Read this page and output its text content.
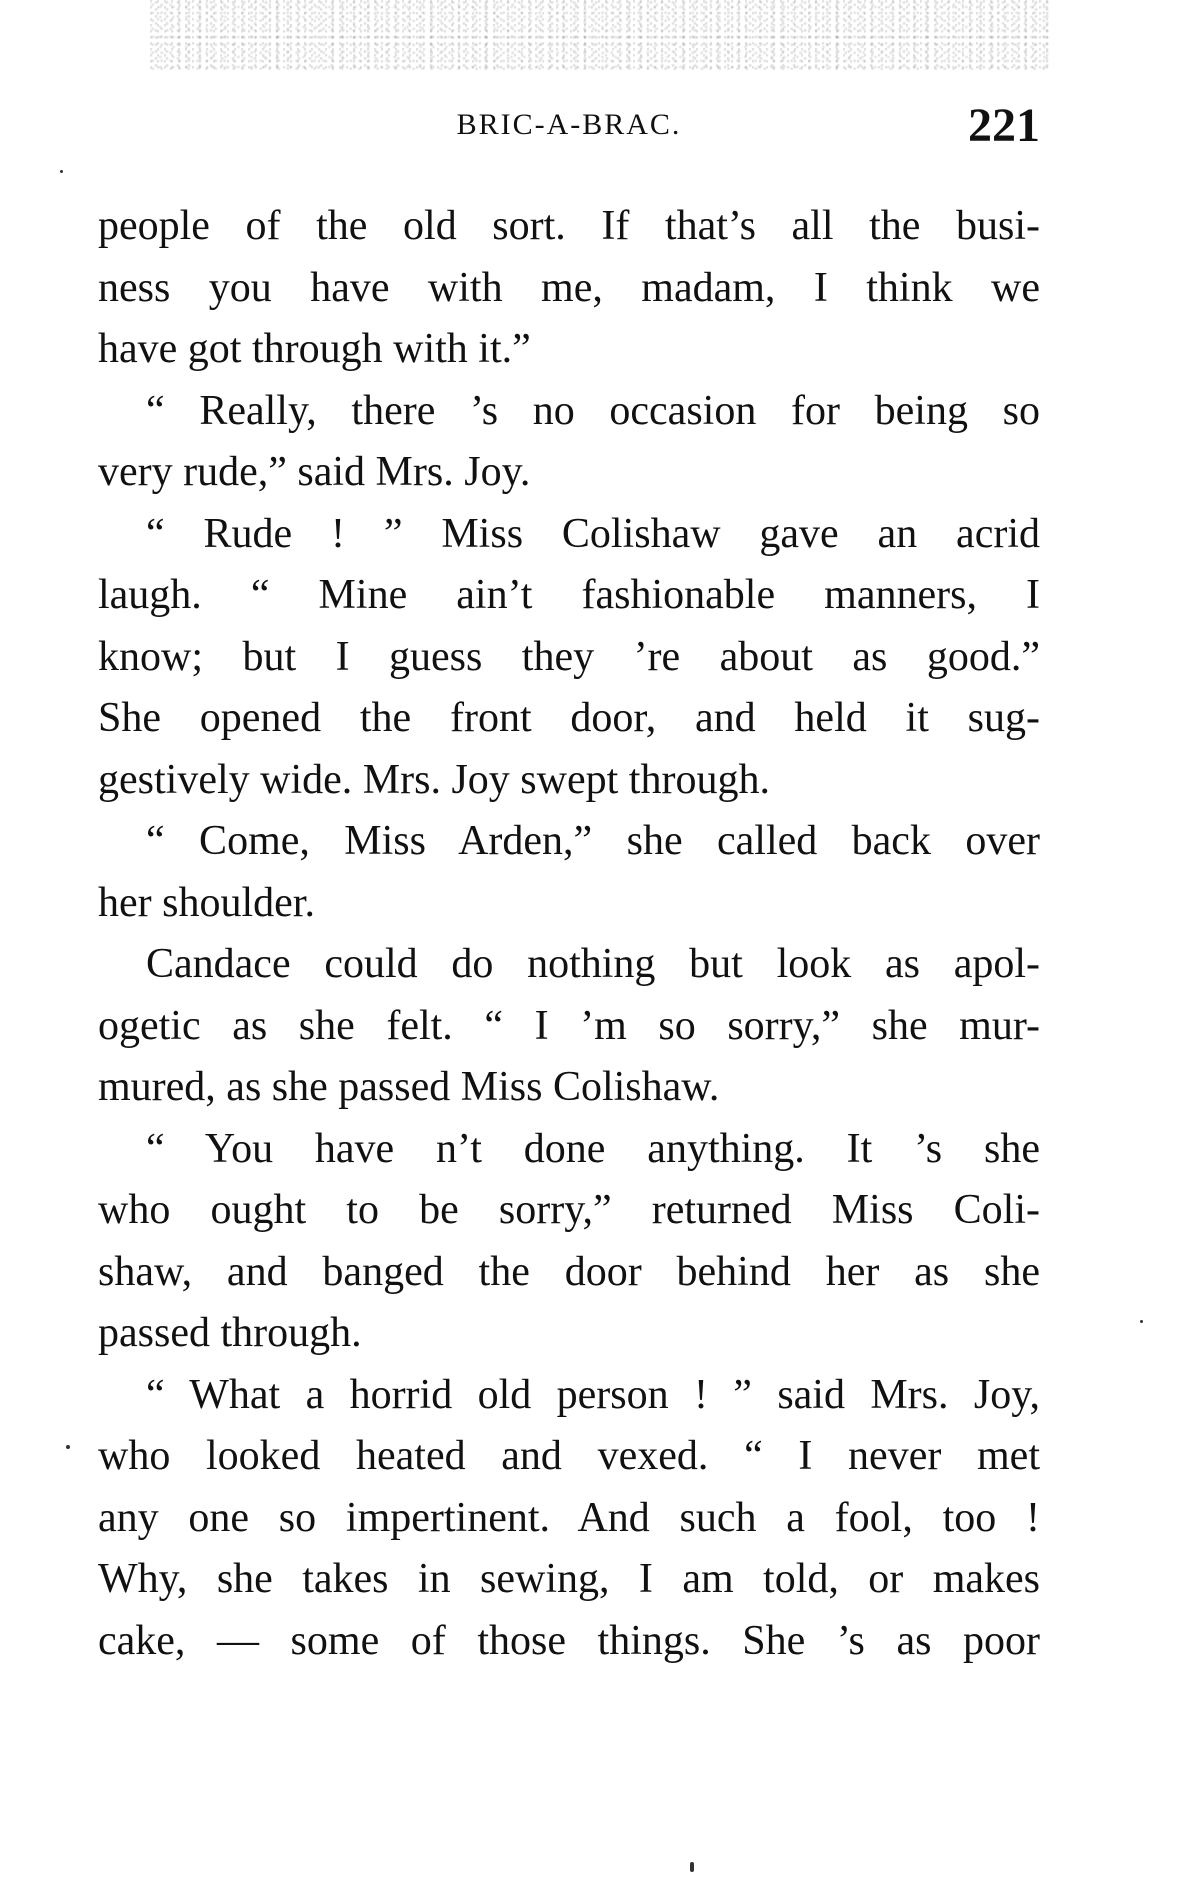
BRIC-A-BRAC.	221
people of the old sort. If that’s all the busi-
ness you have with me, madam, I think we
have got through with it.”
“ Really, there ’s no occasion for being so
very rude,” said Mrs. Joy.
“ Rude ! ” Miss Colishaw gave an acrid
laugh. “ Mine ain’t fashionable manners, I
know; but I guess they ’re about as good.”
She opened the front door, and held it sug-
gestively wide. Mrs. Joy swept through.
“ Come, Miss Arden,” she called back over
her shoulder.
Candace could do nothing but look as apol-
ogetic as she felt. “ I ’m so sorry,” she mur-
mured, as she passed Miss Colishaw.
“ You have n’t done anything. It ’s she
who ought to be sorry,” returned Miss Coli-
shaw, and banged the door behind her as she
passed through.
“ What a horrid old person ! ” said Mrs. Joy,
who looked heated and vexed. “ I never met
any one so impertinent. And such a fool, too !
Why, she takes in sewing, I am told, or makes
cake, — some of those things. She ’s as poor
